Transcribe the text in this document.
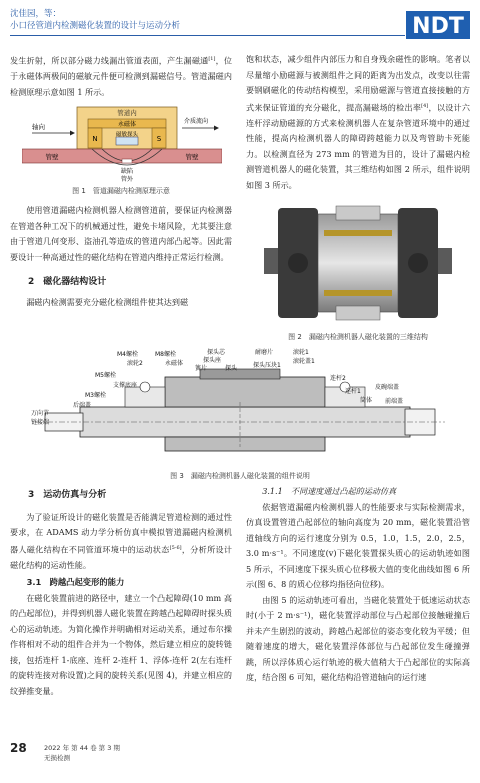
沈佳园，等：
小口径管道内检测磁化装置的设计与运动分析	NDT

发生折射，所以部分磁力线漏出管道表面，产生漏磁通[1]，位于永磁体两极间的磁敏元件便可检测到漏磁信号。管道漏磁内检测原理示意如图 1 所示。

管道内
永磁体
N	S
磁敏探头
轴向
介质流向
管壁	管壁
缺陷
管外
图 1　管道漏磁内检测原理示意

使用管道漏磁内检测机器人检测管道前，要保证内检测器在管道各种工况下的机械通过性，避免卡堵风险，尤其要注意由于管道几何变形、盗油孔等造成的管道内部凸起等。因此需要设计一种高通过性的磁化结构在管道内维持正常运行检测。

2　磁化器结构设计

漏磁内检测需要充分磁化检测组件使其达到磁

饱和状态，减少组件内部压力和自身残余磁性的影响。笔者以尽量缩小励磁源与被测组件之间的距离为出发点，改变以往需要钢刷磁化的传动结构模型，采用励磁源与管道直接接触的方式来保证管道的充分磁化，提高漏磁场的检出率[4]，以设计六连杆浮动励磁源的方式来检测机器人在复杂管道环境中的通过性能，提高内检测机器人的障碍跨越能力以及弯管助卡死能力。以检测直径为 273 mm 的管道为目的，设计了漏磁内检测管道机器人的磁化装置，其三维结构如图 2 所示，组件说明如图 3 所示。

图 2　漏磁内检测机器人磁化装置的三维结构
M4螺栓
滚轮2
M8螺栓
永磁体
探头芯
探头座
耐磨片	滚轮1
探头
簧片	探头压块1
滚轮盖1
M5螺栓
支撑底座
M3螺栓
后端盖
万向节
链接端
连杆2
连杆1
皮碗端盖
前端盖
筒体
图 3　漏磁内检测机器人磁化装置的组件说明

3　运动仿真与分析

为了验证所设计的磁化装置是否能满足管道检测的通过性要求，在 ADAMS 动力学分析仿真中模拟管道漏磁内检测机器人磁化结构在不同管道环境中的运动状态[5-6]，分析所设计磁化结构的运动性能。

3.1　跨越凸起变形的能力

在磁化装置前进的路径中，建立一个凸起障碍(10 mm 高的凸起部位)，并得到机器人磁化装置在跨越凸起障碍时探头质心的运动轨迹。为简化操作并明确相对运动关系，通过布尔操作将相对不动的组件合并为一个物体，然后建立相应的旋转链接，包括连杆 1-底座、连杆 2-连杆 1、浮体-连杆 2(左右连杆的旋转连接对称设置)之间的旋转关系(见图 4)，并建立相应的纹弹推变量。

3.1.1　不同速度通过凸起的运动仿真

依据管道漏磁内检测机器人的性能要求与实际检测需求，仿真设置管道凸起部位的轴向高度为 20 mm，磁化装置沿管道轴线方向的运行速度分别为 0.5，1.0，1.5，2.0，2.5，3.0 m·s⁻¹。不同速度(v)下磁化装置探头质心的运动轨迹如图 5 所示，不同速度下探头质心位移极大值的变化曲线如图 6 所示(图 6、8 的质心位移均指径向位移)。

由图 5 的运动轨迹可看出，当磁化装置处于低速运动状态时(小于 2 m·s⁻¹)，磁化装置浮动部位与凸起部位接触碰撞后并未产生剧烈的波动，跨越凸起部位的姿态变化较为平缓；但随着速度的增大，磁化装置浮体部位与凸起部位发生碰撞弹跳，所以浮体质心运行轨迹的极大值稍大于凸起部位的实际高度，结合图 6 可知，磁化结构沿管道轴向的运行速

28	2022 年 第 44 卷 第 3 期
无损检测
